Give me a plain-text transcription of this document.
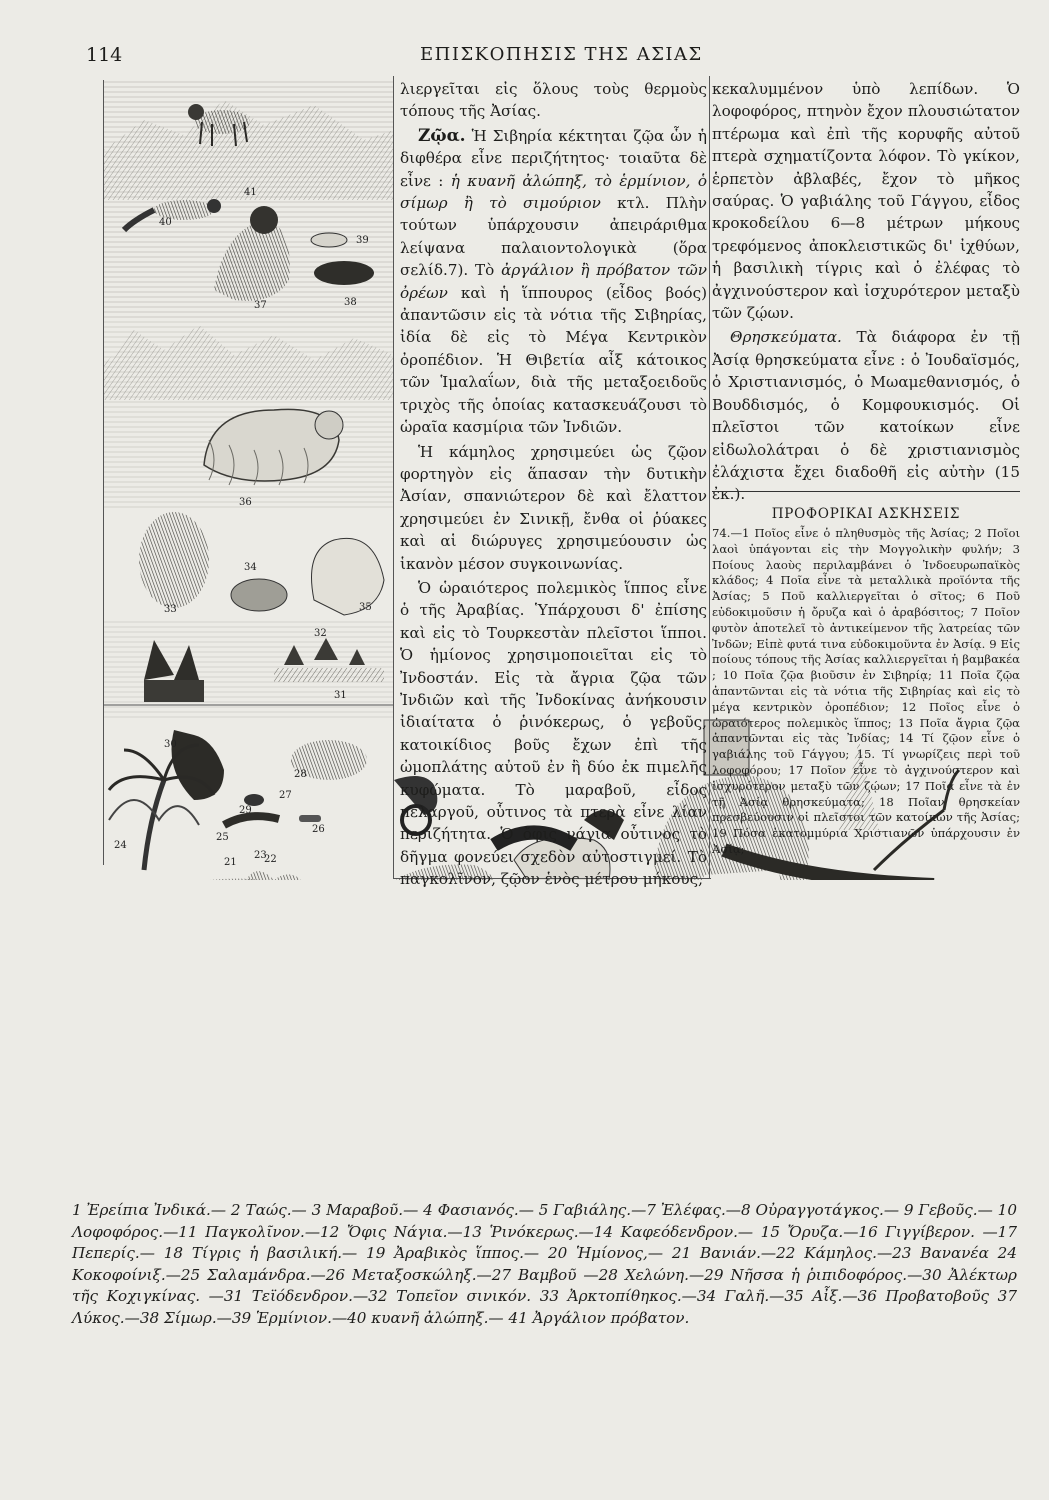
114	ΕΠΙΣΚΟΠΗΣΙΣ ΤΗΣ ΑΣΙΑΣ
41
40
39
38
37
36
35
34
33
32
31
30
29
28
27
26
25
24
23
22
21

λιεργεῖται εἰς ὅλους τοὺς θερμοὺς τόπους τῆς Ἀσίας.

Ζῷα. Ἡ Σιβηρία κέκτηται ζῷα ὧν ἡ διφθέρα εἶνε περιζήτητος· τοιαῦτα δὲ εἶνε : ἡ κυανῆ ἀλώπηξ, τὸ ἑρμίνιον, ὁ σίμωρ ἢ τὸ σιμούριον κτλ. Πλὴν τούτων ὑπάρχουσιν ἀπειράριθμα λείψανα παλαιοντολογικὰ (ὅρα σελίδ.7). Τὸ ἀργάλιον ἢ πρόβατον τῶν ὀρέων καὶ ἡ ἵππουρος (εἶδος βοός) ἀπαντῶσιν εἰς τὰ νότια τῆς Σιβηρίας, ἰδία δὲ εἰς τὸ Μέγα Κεντρικὸν ὀροπέδιον. Ἡ Θιβετία αἶξ κάτοικος τῶν Ἱμαλαΐων, διὰ τῆς μεταξοειδοῦς τριχὸς τῆς ὁποίας κατασκευάζουσι τὸ ὡραῖα κασμίρια τῶν Ἰνδιῶν.

Ἡ κάμηλος χρησιμεύει ὡς ζῷον φορτηγὸν εἰς ἅπασαν τὴν δυτικὴν Ἀσίαν, σπανιώτερον δὲ καὶ ἔλαττον χρησιμεύει ἐν Σινικῇ, ἔνθα οἱ ῥύακες καὶ αἱ διώρυγες χρησιμεύουσιν ὡς ἱκανὸν μέσον συγκοινωνίας.

Ὁ ὡραιότερος πολεμικὸς ἵππος εἶνε ὁ τῆς Ἀραβίας. Ὑπάρχουσι δ' ἐπίσης καὶ εἰς τὸ Τουρκεστὰν πλεῖστοι ἵπποι. Ὁ ἡμίονος χρησιμοποιεῖται εἰς τὸ Ἰνδοστάν. Εἰς τὰ ἄγρια ζῷα τῶν Ἰνδιῶν καὶ τῆς Ἰνδοκίνας ἀνήκουσιν ἰδιαίτατα ὁ ῥινόκερως, ὁ γεβοῦς, κατοικίδιος βοῦς ἔχων ἐπὶ τῆς ὠμοπλάτης αὐτοῦ ἐν ἢ δύο ἐκ πιμελῆς κυφώματα. Τὸ μαραβοῦ, εἶδος πελαργοῦ, οὗτινος τὰ πτερὰ εἶνε λίαν περιζήτητα. Ὁ ὄφις νάγια οὗτινος τὸ δῆγμα φονεύει σχεδὸν αὐτοστιγμεί. Τὸ παγκολῖνον, ζῷον ἑνὸς μέτρου μήκους,

κεκαλυμμένον ὑπὸ λεπίδων. Ὁ λοφοφόρος, πτηνὸν ἔχον πλουσιώτατον πτέρωμα καὶ ἐπὶ τῆς κορυφῆς αὐτοῦ πτερὰ σχηματίζοντα λόφον. Τὸ γκίκον, ἑρπετὸν ἀβλαβές, ἔχον τὸ μῆκος σαύρας. Ὁ γαβιάλης τοῦ Γάγγου, εἶδος κροκοδείλου 6—8 μέτρων μήκους τρεφόμενος ἀποκλειστικῶς δι' ἰχθύων, ἡ βασιλικὴ τίγρις καὶ ὁ ἐλέφας τὸ ἀγχινούστερον καὶ ἰσχυρότερον μεταξὺ τῶν ζῴων.

Θρησκεύματα. Τὰ διάφορα ἐν τῇ Ἀσίᾳ θρησκεύματα εἶνε : ὁ Ἰουδαϊσμός, ὁ Χριστιανισμός, ὁ Μωαμεθανισμός, ὁ Βουδδισμός, ὁ Κομφουκισμός. Οἱ πλεῖστοι τῶν κατοίκων εἶνε εἰδωλολάτραι ὁ δὲ χριστιανισμὸς ἐλάχιστα ἔχει διαδοθῆ εἰς αὐτὴν (15 ἐκ.).

ΠΡΟΦΟΡΙΚΑΙ ΑΣΚΗΣΕΙΣ
74.—1 Ποῖος εἶνε ὁ πληθυσμὸς τῆς Ἀσίας; 2 Ποῖοι λαοὶ ὑπάγονται εἰς τὴν Μογγολικὴν φυλήν; 3 Ποίους λαοὺς περιλαμβάνει ὁ Ἰνδοευρωπαϊκὸς κλάδος; 4 Ποῖα εἶνε τὰ μεταλλικὰ προϊόντα τῆς Ἀσίας; 5 Ποῦ καλλιεργεῖται ὁ σῖτος; 6 Ποῦ εὐδοκιμοῦσιν ἡ ὄρυζα καὶ ὁ ἀραβόσιτος; 7 Ποῖον φυτὸν ἀποτελεῖ τὸ ἀντικείμενον τῆς λατρείας τῶν Ἰνδῶν; Εἰπὲ φυτά τινα εὐδοκιμοῦντα ἐν Ἀσίᾳ. 9 Εἰς ποίους τόπους τῆς Ἀσίας καλλιεργεῖται ἡ βαμβακέα ; 10 Ποῖα ζῷα βιοῦσιν ἐν Σιβηρίᾳ; 11 Ποῖα ζῷα ἀπαντῶνται εἰς τὰ νότια τῆς Σιβηρίας καὶ εἰς τὸ μέγα κεντρικὸν ὀροπέδιον; 12 Ποῖος εἶνε ὁ ὡραιότερος πολεμικὸς ἵππος; 13 Ποῖα ἄγρια ζῷα ἀπαντῶνται εἰς τὰς Ἰνδίας; 14 Τί ζῷον εἶνε ὁ γαβιάλης τοῦ Γάγγου; 15. Τί γνωρίζεις περὶ τοῦ λοφοφόρου; 17 Ποῖον εἶνε τὸ ἀγχινούστερον καὶ ἰσχυρότερον μεταξὺ τῶν ζῴων; 17 Ποῖα εἶνε τὰ ἐν τῇ Ἀσίᾳ θρησκεύματα; 18 Ποῖαν θρησκείαν πρεσβεύουσιν οἱ πλεῖστοι τῶν κατοίκων τῆς Ἀσίας; 19 Πόσα ἑκατομμύρια Χριστιανῶν ὑπάρχουσιν ἐν Ἀσίᾳ;
1 Ἐρείπια Ἰνδικά.— 2 Ταώς.— 3 Μαραβοῦ.— 4 Φασιανός.— 5 Γαβιάλης.—7 Ἐλέφας.—8 Οὐραγγοτάγκος.— 9 Γεβοῦς.— 10 Λοφοφόρος.—11 Παγκολῖνον.—12 Ὄφις Νάγια.—13 Ῥινόκερως.—14 Καφεόδενδρον.— 15 Ὄρυζα.—16 Γιγγίβερον. —17 Πεπερίς.— 18 Τίγρις ἡ βασιλική.— 19 Ἀραβικὸς ἵππος.— 20 Ἡμίονος,— 21 Βανιάν.—22 Κάμηλος.—23 Βανανέα 24 Κοκοφοίνιξ.—25 Σαλαμάνδρα.—26 Μεταξοσκώληξ.—27 Βαμβοῦ —28 Χελώνη.—29 Νῆσσα ἡ ῥιπιδοφόρος.—30 Ἀλέκτωρ τῆς Κοχιγκίνας. —31 Τεϊόδενδρον.—32 Τοπεῖον σινικόν. 33 Ἀρκτοπίθηκος.—34 Γαλῆ.—35 Αἶξ.—36 Προβατοβοῦς 37 Λύκος.—38 Σίμωρ.—39 Ἑρμίνιον.—40 κυανῆ ἀλώπηξ.— 41 Ἀργάλιον πρόβατον.
